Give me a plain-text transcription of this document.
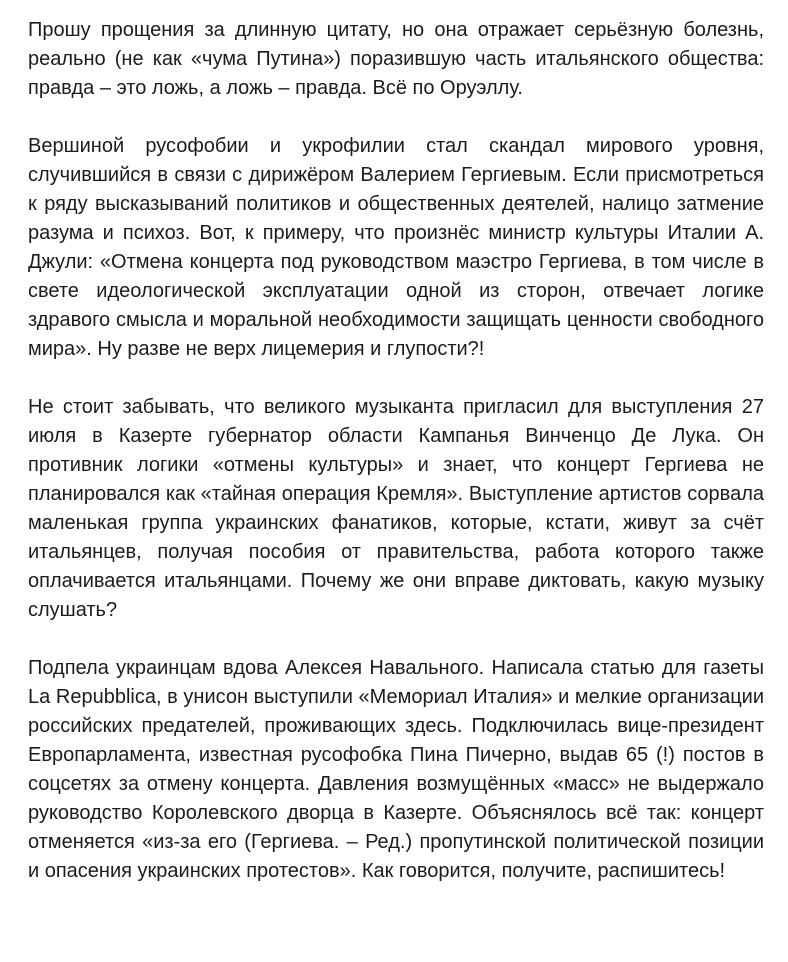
Прошу прощения за длинную цитату, но она отражает серьёзную болезнь, реально (не как «чума Путина») поразившую часть итальянского общества: правда – это ложь, а ложь – правда. Всё по Оруэллу.

Вершиной русофобии и укрофилии стал скандал мирового уровня, случившийся в связи с дирижёром Валерием Гергиевым. Если присмотреться к ряду высказываний политиков и общественных деятелей, налицо затмение разума и психоз. Вот, к примеру, что произнёс министр культуры Италии А. Джули: «Отмена концерта под руководством маэстро Гергиева, в том числе в свете идеологической эксплуатации одной из сторон, отвечает логике здравого смысла и моральной необходимости защищать ценности свободного мира». Ну разве не верх лицемерия и глупости?!

Не стоит забывать, что великого музыканта пригласил для выступления 27 июля в Казерте губернатор области Кампанья Винченцо Де Лука. Он противник логики «отмены культуры» и знает, что концерт Гергиева не планировался как «тайная операция Кремля». Выступление артистов сорвала маленькая группа украинских фанатиков, которые, кстати, живут за счёт итальянцев, получая пособия от правительства, работа которого также оплачивается итальянцами. Почему же они вправе диктовать, какую музыку слушать?

Подпела украинцам вдова Алексея Навального. Написала статью для газеты La Repubblica, в унисон выступили «Мемориал Италия» и мелкие организации российских предателей, проживающих здесь. Подключилась вице-президент Европарламента, известная русофобка Пина Пичерно, выдав 65 (!) постов в соцсетях за отмену концерта. Давления возмущённых «масс» не выдержало руководство Королевского дворца в Казерте. Объяснялось всё так: концерт отменяется «из-за его (Гергиева. – Ред.) пропутинской политической позиции и опасения украинских протестов». Как говорится, получите, распишитесь!
